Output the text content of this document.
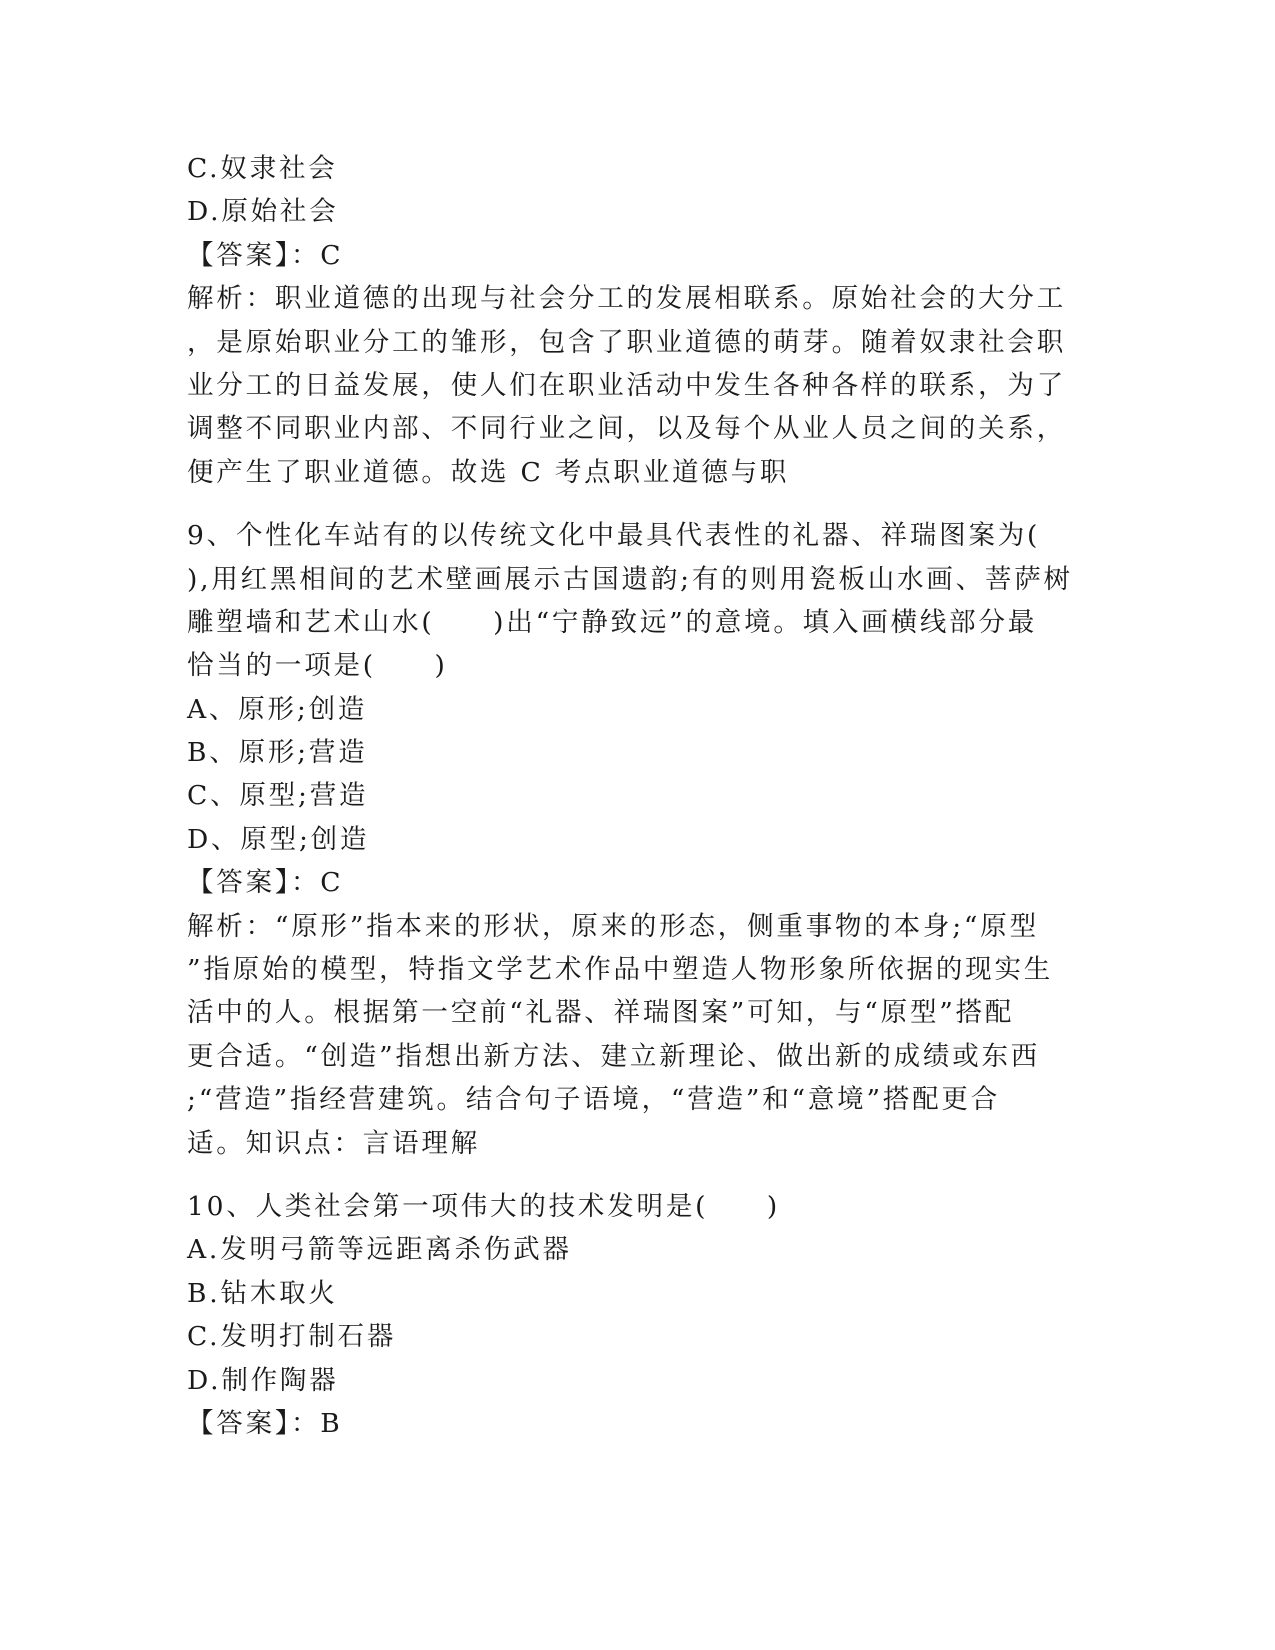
C.奴隶社会
D.原始社会
【答案】：C
解析：职业道德的出现与社会分工的发展相联系。原始社会的大分工
，是原始职业分工的雏形，包含了职业道德的萌芽。随着奴隶社会职
业分工的日益发展，使人们在职业活动中发生各种各样的联系，为了
调整不同职业内部、不同行业之间，以及每个从业人员之间的关系，
便产生了职业道德。故选 C 考点职业道德与职
9、个性化车站有的以传统文化中最具代表性的礼器、祥瑞图案为(
),用红黑相间的艺术壁画展示古国遗韵;有的则用瓷板山水画、菩萨树
雕塑墙和艺术山水(　　)出“宁静致远”的意境。填入画横线部分最
恰当的一项是(　　)
A、原形;创造
B、原形;营造
C、原型;营造
D、原型;创造
【答案】：C
解析：“原形”指本来的形状，原来的形态，侧重事物的本身;“原型
”指原始的模型，特指文学艺术作品中塑造人物形象所依据的现实生
活中的人。根据第一空前“礼器、祥瑞图案”可知，与“原型”搭配
更合适。“创造”指想出新方法、建立新理论、做出新的成绩或东西
;“营造”指经营建筑。结合句子语境，“营造”和“意境”搭配更合
适。知识点：言语理解
10、人类社会第一项伟大的技术发明是(　　)
A.发明弓箭等远距离杀伤武器
B.钻木取火
C.发明打制石器
D.制作陶器
【答案】：B
